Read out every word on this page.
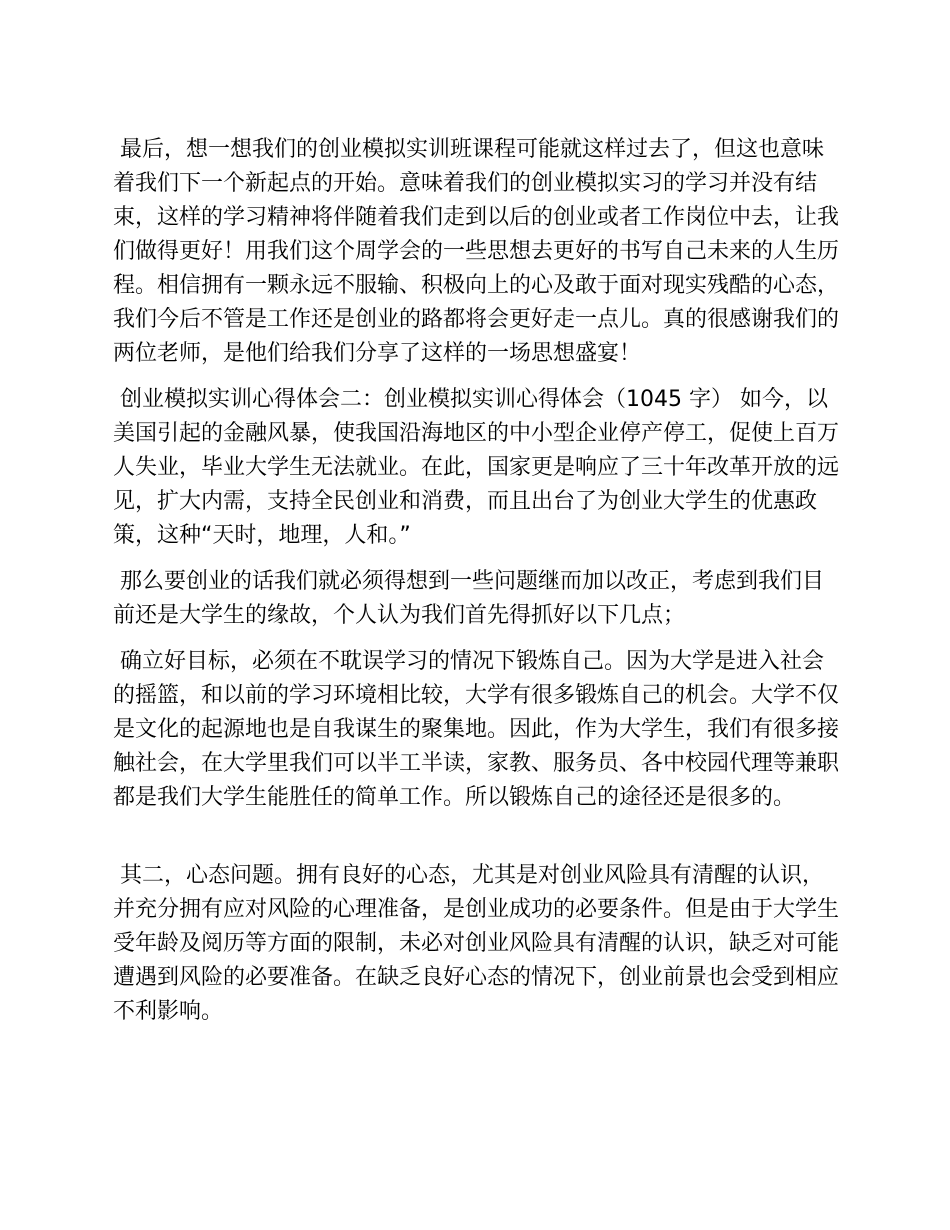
最后，想一想我们的创业模拟实训班课程可能就这样过去了，但这也意味着我们下一个新起点的开始。意味着我们的创业模拟实习的学习并没有结束，这样的学习精神将伴随着我们走到以后的创业或者工作岗位中去，让我们做得更好！用我们这个周学会的一些思想去更好的书写自己未来的人生历程。相信拥有一颗永远不服输、积极向上的心及敢于面对现实残酷的心态，我们今后不管是工作还是创业的路都将会更好走一点儿。真的很感谢我们的两位老师，是他们给我们分享了这样的一场思想盛宴！

创业模拟实训心得体会二：创业模拟实训心得体会（1045 字） 如今，以美国引起的金融风暴，使我国沿海地区的中小型企业停产停工，促使上百万人失业，毕业大学生无法就业。在此，国家更是响应了三十年改革开放的远见，扩大内需，支持全民创业和消费，而且出台了为创业大学生的优惠政策，这种“天时，地理，人和。”

那么要创业的话我们就必须得想到一些问题继而加以改正，考虑到我们目前还是大学生的缘故，个人认为我们首先得抓好以下几点；

确立好目标，必须在不耽误学习的情况下锻炼自己。因为大学是进入社会的摇篮，和以前的学习环境相比较，大学有很多锻炼自己的机会。大学不仅是文化的起源地也是自我谋生的聚集地。因此，作为大学生，我们有很多接触社会，在大学里我们可以半工半读，家教、服务员、各中校园代理等兼职都是我们大学生能胜任的简单工作。所以锻炼自己的途径还是很多的。

其二，心态问题。拥有良好的心态，尤其是对创业风险具有清醒的认识，并充分拥有应对风险的心理准备，是创业成功的必要条件。但是由于大学生受年龄及阅历等方面的限制，未必对创业风险具有清醒的认识，缺乏对可能遭遇到风险的必要准备。在缺乏良好心态的情况下，创业前景也会受到相应不利影响。
